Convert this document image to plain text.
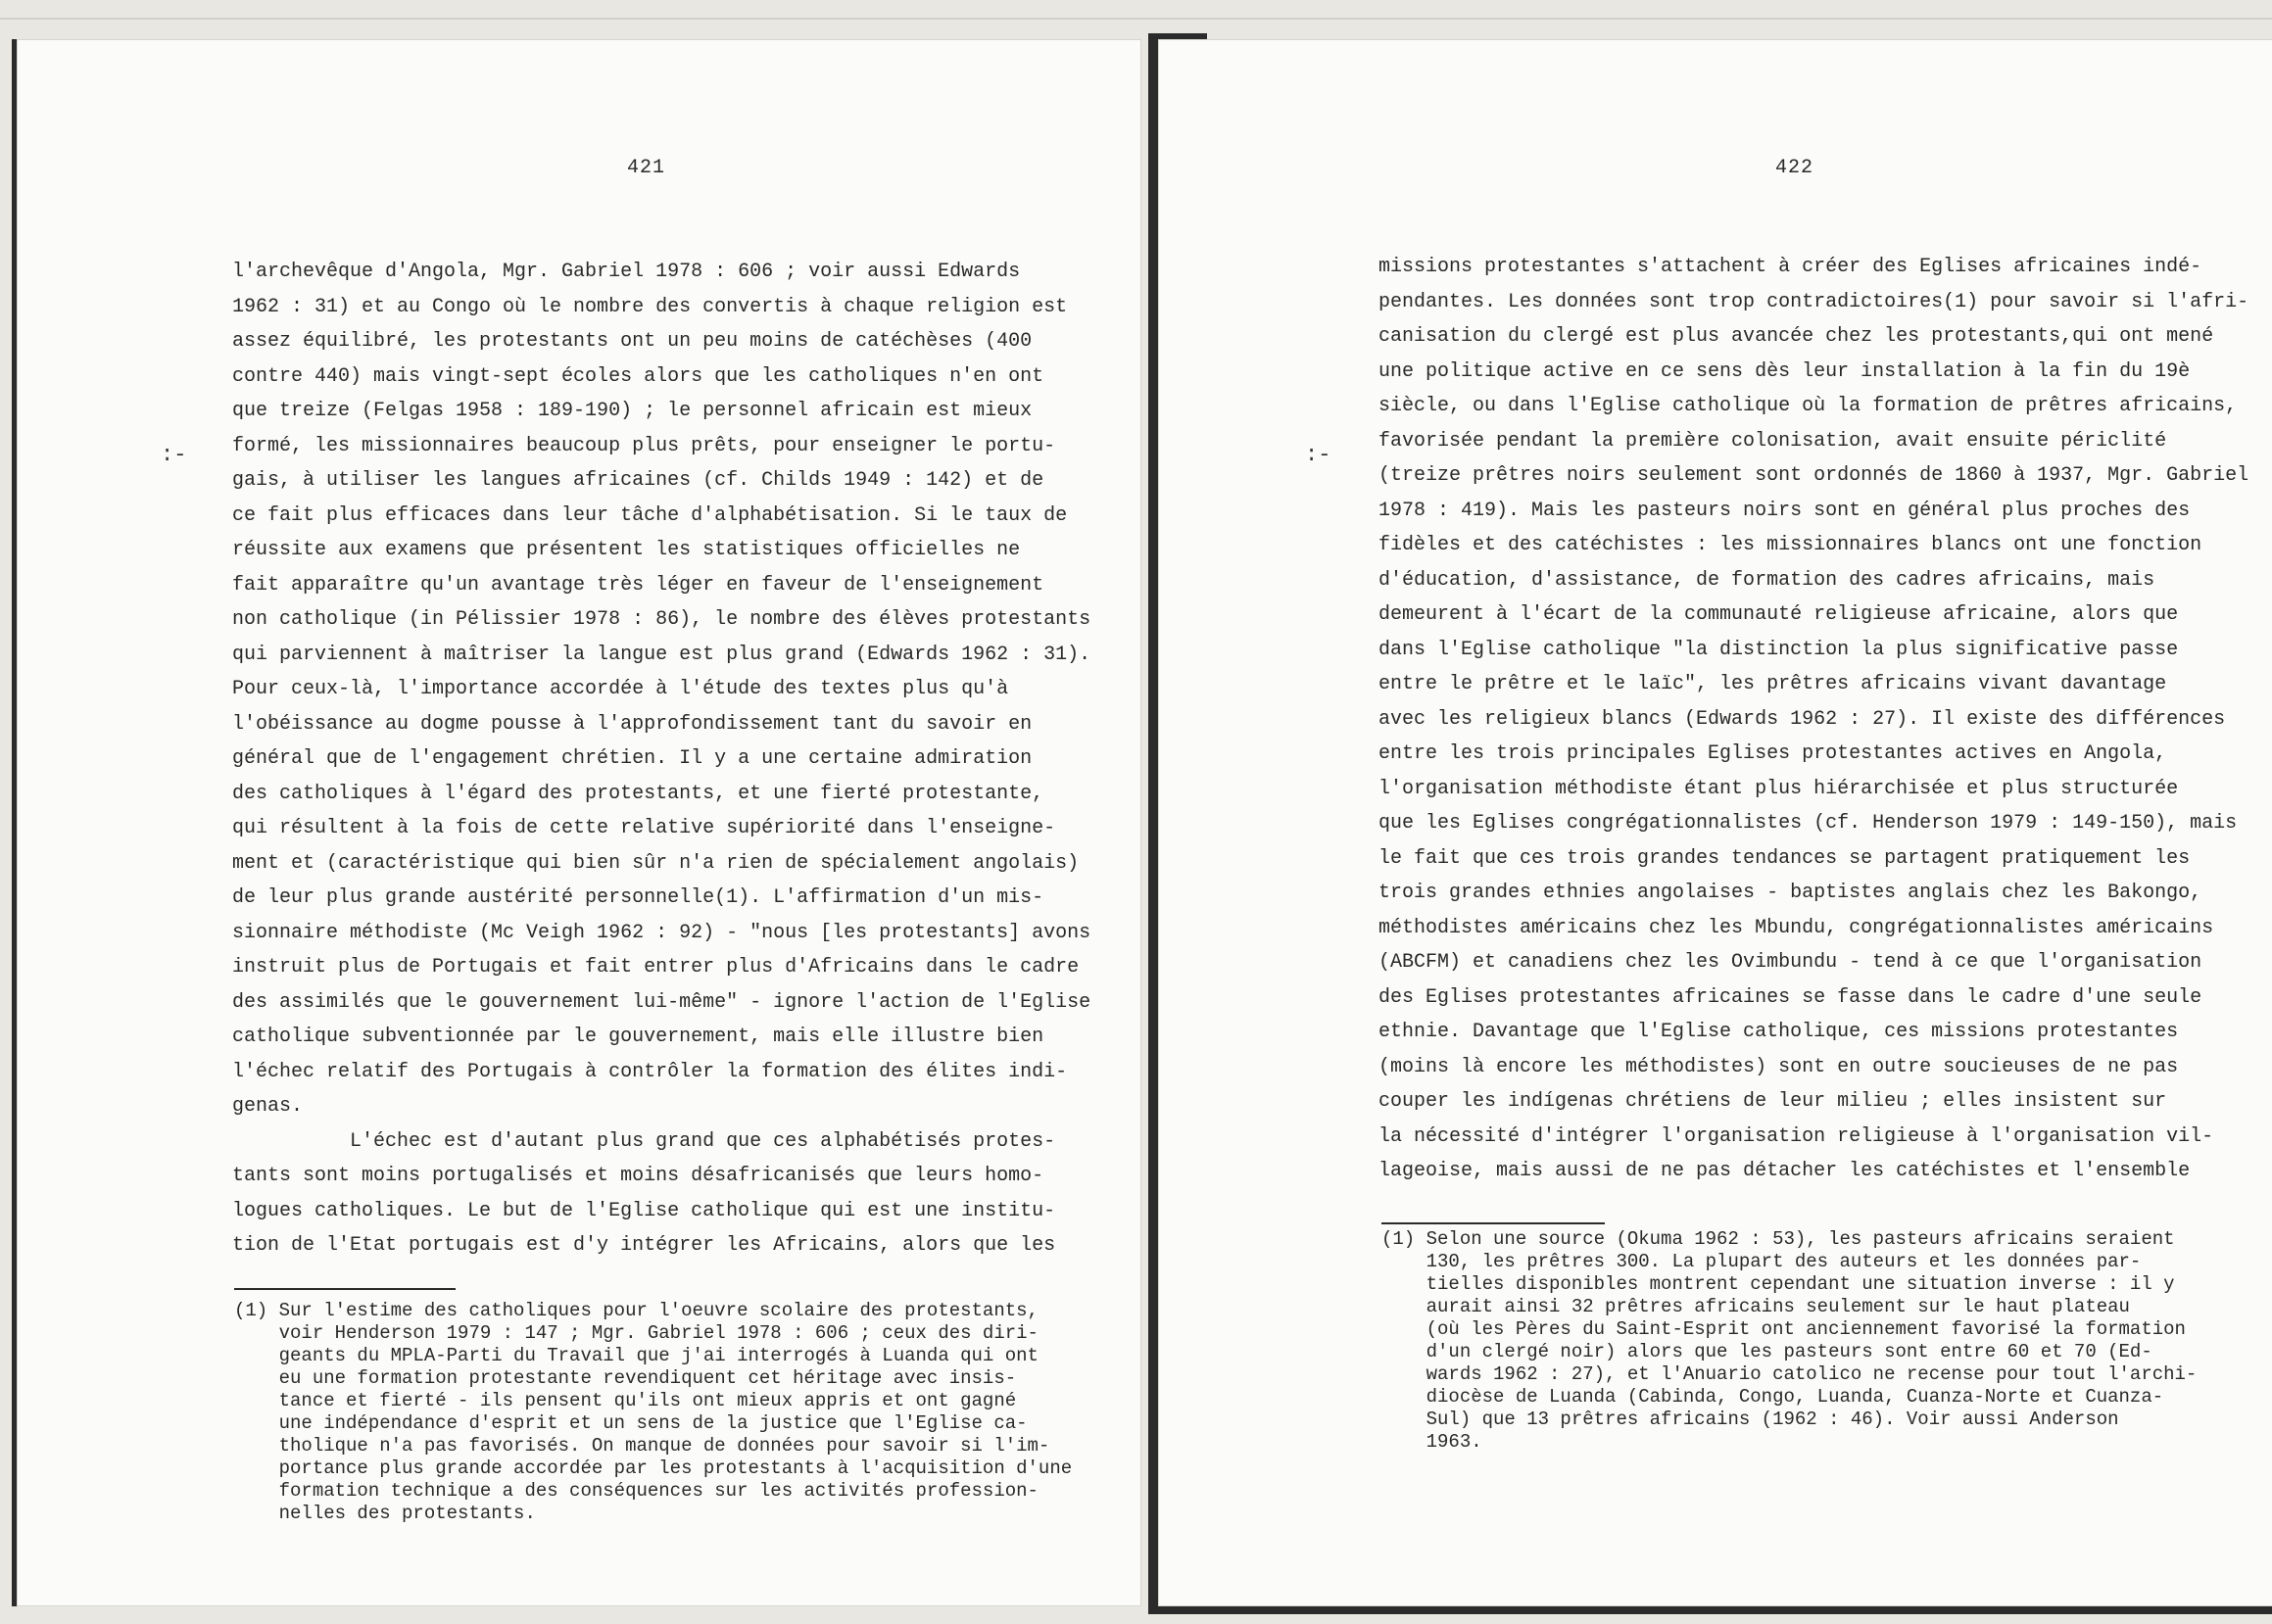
421
:-
l'archevêque d'Angola, Mgr. Gabriel 1978 : 606 ; voir aussi Edwards
1962 : 31) et au Congo où le nombre des convertis à chaque religion est
assez équilibré, les protestants ont un peu moins de catéchèses (400
contre 440) mais vingt-sept écoles alors que les catholiques n'en ont
que treize (Felgas 1958 : 189-190) ; le personnel africain est mieux
formé, les missionnaires beaucoup plus prêts, pour enseigner le portu-
gais, à utiliser les langues africaines (cf. Childs 1949 : 142) et de
ce fait plus efficaces dans leur tâche d'alphabétisation. Si le taux de
réussite aux examens que présentent les statistiques officielles ne
fait apparaître qu'un avantage très léger en faveur de l'enseignement
non catholique (in Pélissier 1978 : 86), le nombre des élèves protestants
qui parviennent à maîtriser la langue est plus grand (Edwards 1962 : 31).
Pour ceux-là, l'importance accordée à l'étude des textes plus qu'à
l'obéissance au dogme pousse à l'approfondissement tant du savoir en
général que de l'engagement chrétien. Il y a une certaine admiration
des catholiques à l'égard des protestants, et une fierté protestante,
qui résultent à la fois de cette relative supériorité dans l'enseigne-
ment et (caractéristique qui bien sûr n'a rien de spécialement angolais)
de leur plus grande austérité personnelle(1). L'affirmation d'un mis-
sionnaire méthodiste (Mc Veigh 1962 : 92) - "nous [les protestants] avons
instruit plus de Portugais et fait entrer plus d'Africains dans le cadre
des assimilés que le gouvernement lui-même" - ignore l'action de l'Eglise
catholique subventionnée par le gouvernement, mais elle illustre bien
l'échec relatif des Portugais à contrôler la formation des élites indi-
genas.
L'échec est d'autant plus grand que ces alphabétisés protes-
tants sont moins portugalisés et moins désafricanisés que leurs homo-
logues catholiques. Le but de l'Eglise catholique qui est une institu-
tion de l'Etat portugais est d'y intégrer les Africains, alors que les
(1) Sur l'estime des catholiques pour l'oeuvre scolaire des protestants,
voir Henderson 1979 : 147 ; Mgr. Gabriel 1978 : 606 ; ceux des diri-
geants du MPLA-Parti du Travail que j'ai interrogés à Luanda qui ont
eu une formation protestante revendiquent cet héritage avec insis-
tance et fierté - ils pensent qu'ils ont mieux appris et ont gagné
une indépendance d'esprit et un sens de la justice que l'Eglise ca-
tholique n'a pas favorisés. On manque de données pour savoir si l'im-
portance plus grande accordée par les protestants à l'acquisition d'une
formation technique a des conséquences sur les activités profession-
nelles des protestants.
422
:-
missions protestantes s'attachent à créer des Eglises africaines indé-
pendantes. Les données sont trop contradictoires(1) pour savoir si l'afri-
canisation du clergé est plus avancée chez les protestants,qui ont mené
une politique active en ce sens dès leur installation à la fin du 19è
siècle, ou dans l'Eglise catholique où la formation de prêtres africains,
favorisée pendant la première colonisation, avait ensuite périclité
(treize prêtres noirs seulement sont ordonnés de 1860 à 1937, Mgr. Gabriel
1978 : 419). Mais les pasteurs noirs sont en général plus proches des
fidèles et des catéchistes : les missionnaires blancs ont une fonction
d'éducation, d'assistance, de formation des cadres africains, mais
demeurent à l'écart de la communauté religieuse africaine, alors que
dans l'Eglise catholique "la distinction la plus significative passe
entre le prêtre et le laïc", les prêtres africains vivant davantage
avec les religieux blancs (Edwards 1962 : 27). Il existe des différences
entre les trois principales Eglises protestantes actives en Angola,
l'organisation méthodiste étant plus hiérarchisée et plus structurée
que les Eglises congrégationnalistes (cf. Henderson 1979 : 149-150), mais
le fait que ces trois grandes tendances se partagent pratiquement les
trois grandes ethnies angolaises - baptistes anglais chez les Bakongo,
méthodistes américains chez les Mbundu, congrégationnalistes américains
(ABCFM) et canadiens chez les Ovimbundu - tend à ce que l'organisation
des Eglises protestantes africaines se fasse dans le cadre d'une seule
ethnie. Davantage que l'Eglise catholique, ces missions protestantes
(moins là encore les méthodistes) sont en outre soucieuses de ne pas
couper les indígenas chrétiens de leur milieu ; elles insistent sur
la nécessité d'intégrer l'organisation religieuse à l'organisation vil-
lageoise, mais aussi de ne pas détacher les catéchistes et l'ensemble
(1) Selon une source (Okuma 1962 : 53), les pasteurs africains seraient
130, les prêtres 300. La plupart des auteurs et les données par-
tielles disponibles montrent cependant une situation inverse : il y
aurait ainsi 32 prêtres africains seulement sur le haut plateau
(où les Pères du Saint-Esprit ont anciennement favorisé la formation
d'un clergé noir) alors que les pasteurs sont entre 60 et 70 (Ed-
wards 1962 : 27), et l'Anuario catolico ne recense pour tout l'archi-
diocèse de Luanda (Cabinda, Congo, Luanda, Cuanza-Norte et Cuanza-
Sul) que 13 prêtres africains (1962 : 46). Voir aussi Anderson
1963.
